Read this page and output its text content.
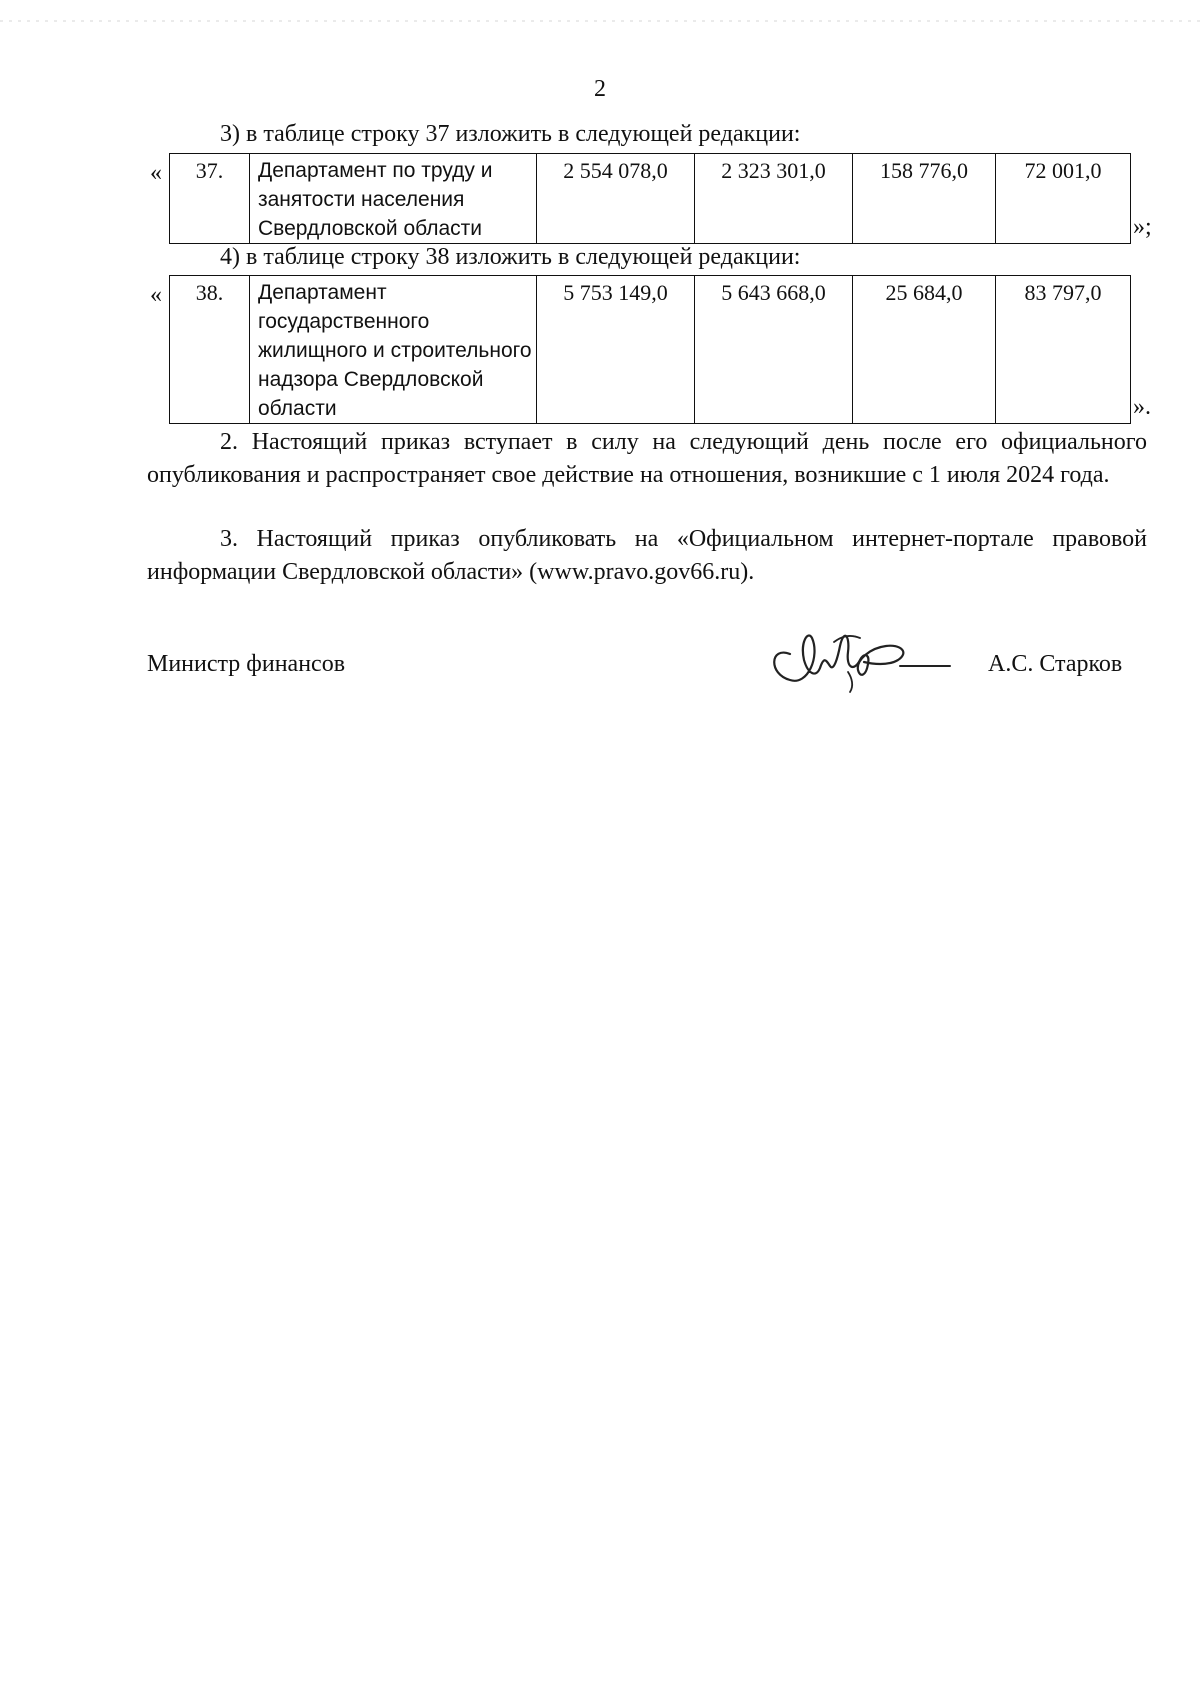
2
3) в таблице строку 37 изложить в следующей редакции:
« 37.	Департамент по труду и занятости населения Свердловской области	2 554 078,0	2 323 301,0	158 776,0	72 001,0
»;
4) в таблице строку 38 изложить в следующей редакции:
« 38.	Департамент государственного жилищного и строительного надзора Свердловской области	5 753 149,0	5 643 668,0	25 684,0	83 797,0
».
2. Настоящий приказ вступает в силу на следующий день после его официального опубликования и распространяет свое действие на отношения, возникшие с 1 июля 2024 года.
3. Настоящий приказ опубликовать на «Официальном интернет-портале правовой информации Свердловской области» (www.pravo.gov66.ru).
Министр финансов	А.С. Старков
